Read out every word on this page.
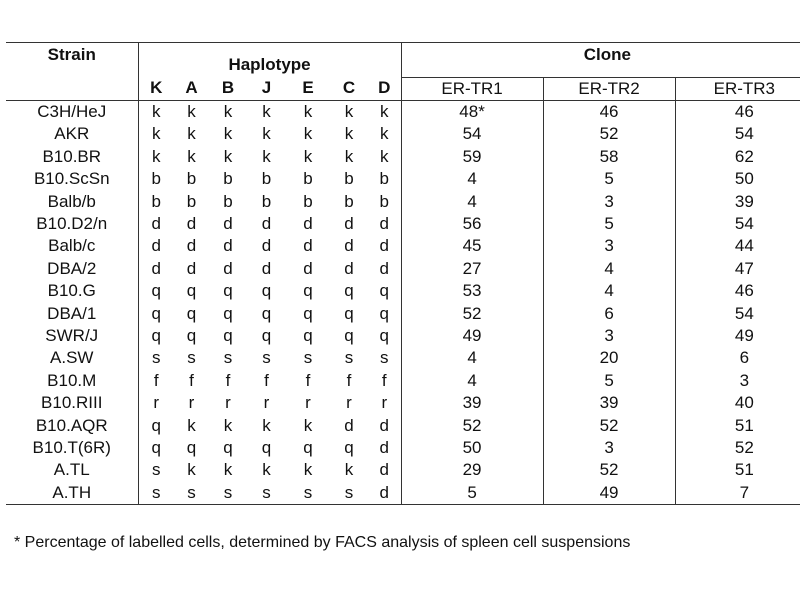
Strain	Haplotype							Clone		
	K	A	B	J	E	C	D	ER-TR1	ER-TR2	ER-TR3
C3H/HeJ	k	k	k	k	k	k	k	48*	46	46
AKR	k	k	k	k	k	k	k	54	52	54
B10.BR	k	k	k	k	k	k	k	59	58	62
B10.ScSn	b	b	b	b	b	b	b	4	5	50
Balb/b	b	b	b	b	b	b	b	4	3	39
B10.D2/n	d	d	d	d	d	d	d	56	5	54
Balb/c	d	d	d	d	d	d	d	45	3	44
DBA/2	d	d	d	d	d	d	d	27	4	47
B10.G	q	q	q	q	q	q	q	53	4	46
DBA/1	q	q	q	q	q	q	q	52	6	54
SWR/J	q	q	q	q	q	q	q	49	3	49
A.SW	s	s	s	s	s	s	s	4	20	6
B10.M	f	f	f	f	f	f	f	4	5	3
B10.RIII	r	r	r	r	r	r	r	39	39	40
B10.AQR	q	k	k	k	k	d	d	52	52	51
B10.T(6R)	q	q	q	q	q	q	d	50	3	52
A.TL	s	k	k	k	k	k	d	29	52	51
A.TH	s	s	s	s	s	s	d	5	49	7
* Percentage of labelled cells, determined by FACS analysis of spleen cell suspensions
